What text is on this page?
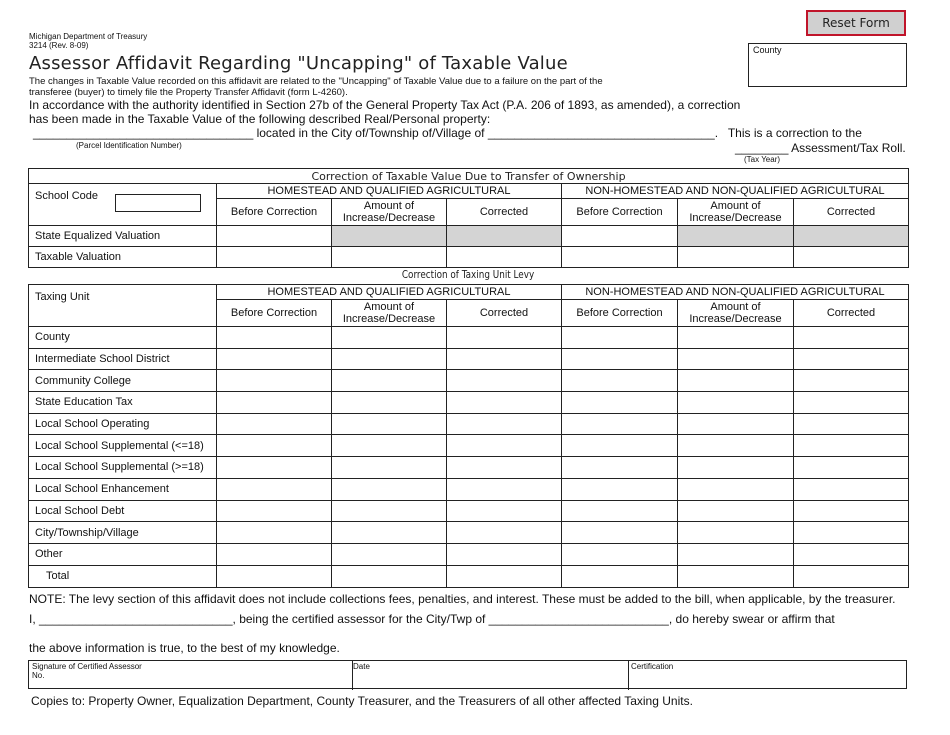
Michigan Department of Treasury
3214 (Rev. 8-09)
Assessor Affidavit Regarding "Uncapping" of Taxable Value
The changes in Taxable Value recorded on this affidavit are related to the "Uncapping" of Taxable Value due to a failure on the part of the
transferee (buyer) to timely file the Property Transfer Affidavit (form L-4260).
Reset Form
County
In accordance with the authority identified in Section 27b of the General Property Tax Act (P.A. 206 of 1893, as amended), a correction
has been made in the Taxable Value of the following described Real/Personal property:
_________________________________ located in the City of/Township of/Village of __________________________________.   This is a correction to the
(Parcel Identification Number)	________ Assessment/Tax Roll.
(Tax Year)
Correction of Taxable Value Due to Transfer of Ownership						

School Code	HOMESTEAD AND QUALIFIED AGRICULTURAL			NON-HOMESTEAD AND NON-QUALIFIED AGRICULTURAL		
	Before Correction	Amount of Increase/Decrease	Corrected	Before Correction	Amount of Increase/Decrease	Corrected
State Equalized Valuation						
Taxable Valuation						
Correction of Taxing Unit Levy
Taxing Unit	HOMESTEAD AND QUALIFIED AGRICULTURAL			NON-HOMESTEAD AND NON-QUALIFIED AGRICULTURAL		
	Before Correction	Amount of Increase/Decrease	Corrected	Before Correction	Amount of Increase/Decrease	Corrected
County						
Intermediate School District						
Community College						
State Education Tax						
Local School Operating						
Local School Supplemental (<=18)						
Local School Supplemental (>=18)						
Local School Enhancement						
Local School Debt						
City/Township/Village						
Other						
Total						
NOTE: The levy section of this affidavit does not include collections fees, penalties, and interest. These must be added to the bill, when applicable, by the treasurer.
I, _____________________________, being the certified assessor for the City/Twp of ___________________________, do hereby swear or affirm that
the above information is true, to the best of my knowledge.
Signature of Certified Assessor
No.
Date	Certification
Copies to: Property Owner, Equalization Department, County Treasurer, and the Treasurers of all other affected Taxing Units.
